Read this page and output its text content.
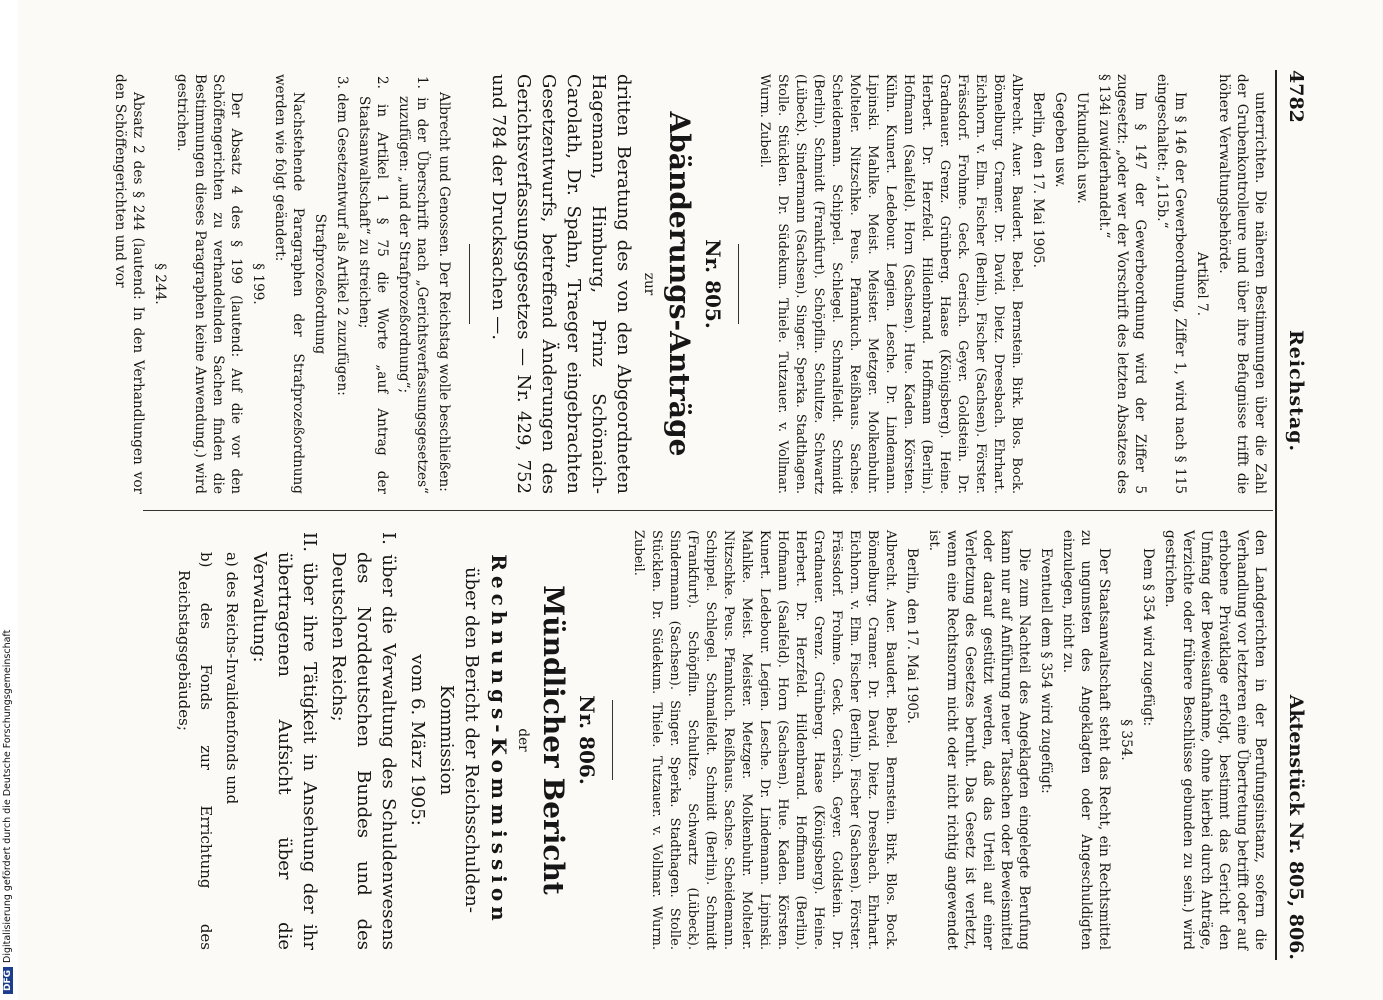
4782
Reichstag.
Aktenstück Nr. 805, 806.

unterrichten. Die näheren Bestimmungen über die Zahl der Grubenkontrolleure und über ihre Befugnisse trifft die höhere Verwaltungsbehörde.

Artikel 7.

Im § 146 der Gewerbeordnung, Ziffer 1, wird nach § 115 eingeschaltet: „115b.“

Im § 147 der Gewerbeordnung wird der Ziffer 5 zugesetzt: „oder wer der Vorschrift des letzten Absatzes des § 134i zuwiderhandelt.“

Urkundlich usw.

Gegeben usw.

Berlin, den 17. Mai 1905.

Albrecht. Auer. Baudert. Bebel. Bernstein. Birk. Blos. Bock. Bömelburg. Cramer. Dr. David. Dietz. Dreesbach. Ehrhart. Eichhorn. v. Elm. Fischer (Berlin). Fischer (Sachsen). Förster. Frässdorf. Frohme. Geck. Gerisch. Geyer. Goldstein. Dr. Gradnauer. Grenz. Grünberg. Haase (Königsberg). Heine. Herbert. Dr. Herzfeld. Hildenbrand. Hoffmann (Berlin). Hofmann (Saalfeld). Horn (Sachsen). Hue. Kaden. Körsten. Kühn. Kunert. Ledebour. Legien. Lesche. Dr. Lindemann. Lipinski. Mahlke. Meist. Meister. Metzger. Molkenbuhr. Molteler. Nitzschke. Peus. Pfannkuch. Reißhaus. Sachse. Scheidemann. Schippel. Schlegel. Schmalfeldt. Schmidt (Berlin). Schmidt (Frankfurt). Schöpflin. Schultze. Schwartz (Lübeck). Sindermann (Sachsen). Singer. Sperka. Stadthagen. Stolle. Stücklen. Dr. Südekum. Thiele. Tutzauer. v. Vollmar. Wurm. Zubeil.

Nr. 805.
Abänderungs-Anträge

zur

dritten Beratung des von den Abgeordneten Hagemann, Himburg, Prinz Schönaich-Carolath, Dr. Spahn, Traeger eingebrachten Gesetzentwurfs, betreffend Änderungen des Gerichtsverfassungsgesetzes — Nr. 429, 752 und 784 der Drucksachen —.

Albrecht und Genossen. Der Reichstag wolle beschließen:

1. in der Überschrift nach „Gerichtsverfassungsgesetzes“ zuzufügen: „und der Strafprozeßordnung“;

2. in Artikel 1 § 75 die Worte „auf Antrag der Staatsanwaltschaft“ zu streichen;

3. dem Gesetzentwurf als Artikel 2 zuzufügen:

Strafprozeßordnung

Nachstehende Paragraphen der Strafprozeßordnung werden wie folgt geändert:

§ 199.

Der Absatz 4 des § 199 (lautend: Auf die vor den Schöffengerichten zu verhandelnden Sachen finden die Bestimmungen dieses Paragraphen keine Anwendung.) wird gestrichen.

§ 244.

Absatz 2 des § 244 (lautend: In den Verhandlungen vor den Schöffengerichten und vor

den Landgerichten in der Berufungsinstanz, sofern die Verhandlung vor letzteren eine Übertretung betrifft oder auf erhobene Privatklage erfolgt, bestimmt das Gericht den Umfang der Beweisaufnahme, ohne hierbei durch Anträge, Verzichte oder frühere Beschlüsse gebunden zu sein.) wird gestrichen.

Dem § 354 wird zugefügt:

§ 354.

Der Staatsanwaltschaft steht das Recht, ein Rechtsmittel zu ungunsten des Angeklagten oder Angeschuldigten einzulegen, nicht zu.

Eventuell dem § 354 wird zugefügt:

Die zum Nachteil des Angeklagten eingelegte Berufung kann nur auf Anführung neuer Tatsachen oder Beweismittel oder darauf gestützt werden, daß das Urteil auf einer Verletzung des Gesetzes beruht. Das Gesetz ist verletzt, wenn eine Rechtsnorm nicht oder nicht richtig angewendet ist.

Berlin, den 17. Mai 1905.

Albrecht. Auer. Baudert. Bebel. Bernstein. Birk. Blos. Bock. Bömelburg. Cramer. Dr. David. Dietz. Dreesbach. Ehrhart. Eichhorn. v. Elm. Fischer (Berlin). Fischer (Sachsen). Förster. Frässdorf. Frohme. Geck. Gerisch. Geyer. Goldstein. Dr. Gradnauer. Grenz. Grünberg. Haase (Königsberg). Heine. Herbert. Dr. Herzfeld. Hildenbrand. Hoffmann (Berlin). Hofmann (Saalfeld). Horn (Sachsen). Hue. Kaden. Körsten. Kunert. Ledebour. Legien. Lesche. Dr. Lindemann. Lipinski. Mahlke. Meist. Meister. Metzger. Molkenbuhr. Molteler. Nitzschke. Peus. Pfannkuch. Reißhaus. Sachse. Scheidemann. Schippel. Schlegel. Schmalfeldt. Schmidt (Berlin). Schmidt (Frankfurt). Schöpflin. Schultze. Schwartz (Lübeck). Sindermann (Sachsen). Singer. Sperka. Stadthagen. Stolle. Stücklen. Dr. Südekum. Thiele. Tutzauer. v. Vollmar. Wurm. Zubeil.

Nr. 806.
Mündlicher Bericht

der

Rechnungs-Kommission

über den Bericht der Reichsschulden-Kommission

vom 6. März 1905:

I. über die Verwaltung des Schuldenwesens des Norddeutschen Bundes und des Deutschen Reichs;

II. über ihre Tätigkeit in Ansehung der ihr übertragenen Aufsicht über die Verwaltung:

a) des Reichs-Invalidenfonds und

b) des Fonds zur Errichtung des Reichstagsgebäudes;

DFGDigitalisierung gefördert durch die Deutsche Forschungsgemeinschaft
